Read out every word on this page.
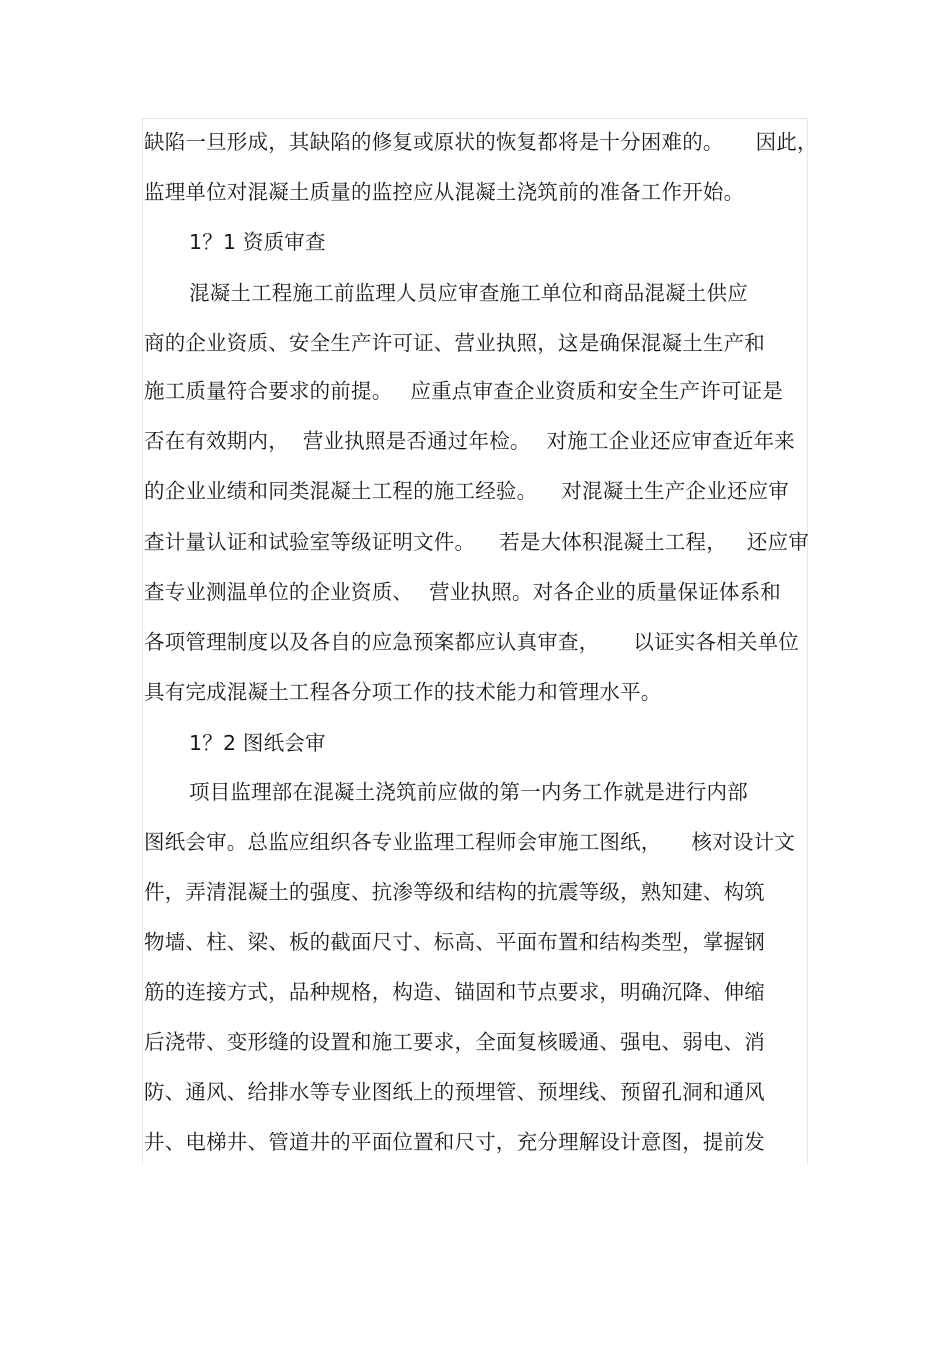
缺陷一旦形成，其缺陷的修复或原状的恢复都将是十分困难的。 因此，
监理单位对混凝土质量的监控应从混凝土浇筑前的准备工作开始。
1？1 资质审查
混凝土工程施工前监理人员应审查施工单位和商品混凝土供应
商的企业资质、安全生产许可证、营业执照，这是确保混凝土生产和
施工质量符合要求的前提。 应重点审查企业资质和安全生产许可证是
否在有效期内， 营业执照是否通过年检。 对施工企业还应审查近年来
的企业业绩和同类混凝土工程的施工经验。 对混凝土生产企业还应审
查计量认证和试验室等级证明文件。 若是大体积混凝土工程， 还应审
查专业测温单位的企业资质、 营业执照。对各企业的质量保证体系和
各项管理制度以及各自的应急预案都应认真审查， 以证实各相关单位
具有完成混凝土工程各分项工作的技术能力和管理水平。
1？2 图纸会审
项目监理部在混凝土浇筑前应做的第一内务工作就是进行内部
图纸会审。总监应组织各专业监理工程师会审施工图纸， 核对设计文
件，弄清混凝土的强度、抗渗等级和结构的抗震等级，熟知建、构筑
物墙、柱、梁、板的截面尺寸、标高、平面布置和结构类型，掌握钢
筋的连接方式，品种规格，构造、锚固和节点要求，明确沉降、伸缩
后浇带、变形缝的设置和施工要求，全面复核暖通、强电、弱电、消
防、通风、给排水等专业图纸上的预埋管、预埋线、预留孔洞和通风
井、电梯井、管道井的平面位置和尺寸，充分理解设计意图，提前发
